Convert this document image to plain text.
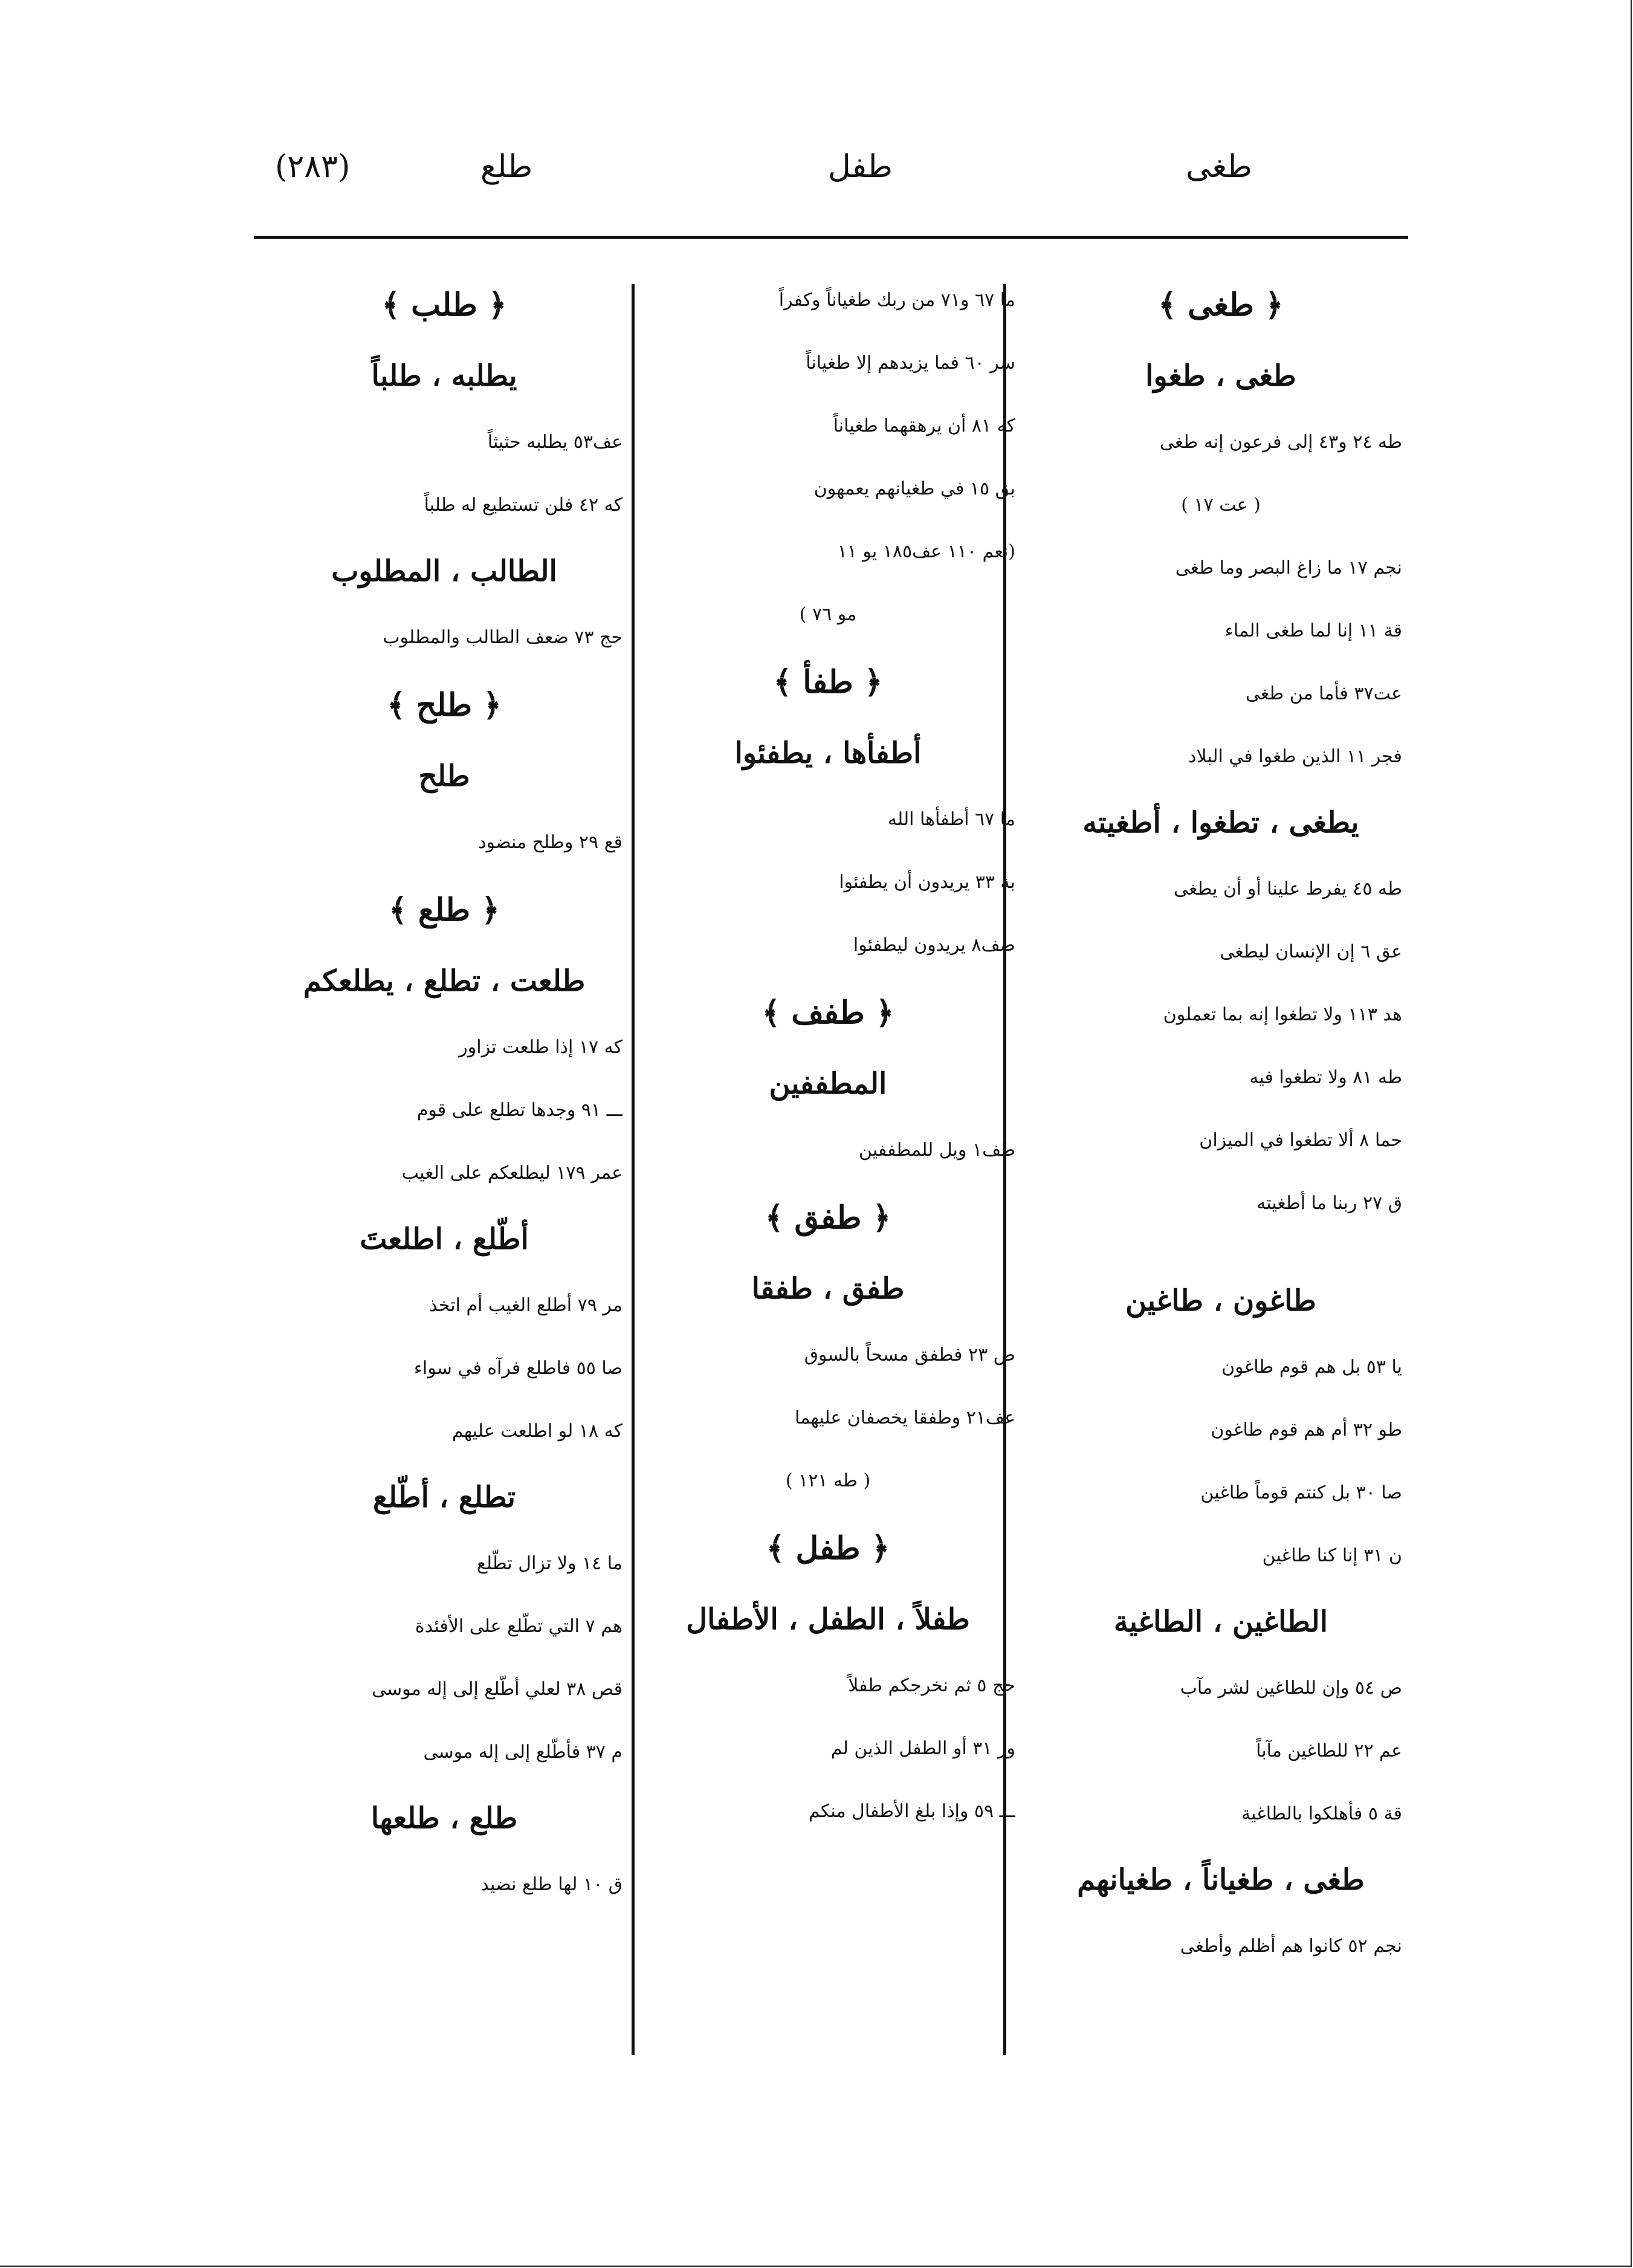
طغى
طفل
طلع
(٢٨٣)
﴿ طغى ﴾
طغى ، طغوا
طه ٢٤ و٤٣ إلى فرعون إنه طغى
( عت ١٧ )
نجم ١٧ ما زاغ البصر وما طغى
قة ١١ إنا لما طغى الماء
عت٣٧ فأما من طغى
فجر ١١ الذين طغوا في البلاد
يطغى ، تطغوا ، أطغيته
طه ٤٥ يفرط علينا أو أن يطغى
عق ٦ إن الإنسان ليطغى
هد ١١٣ ولا تطغوا إنه بما تعملون
طه ٨١ ولا تطغوا فيه
حما ٨ ألا تطغوا في الميزان
ق ٢٧ ربنا ما أطغيته
طاغون ، طاغين
يا ٥٣ بل هم قوم طاغون
طو ٣٢ أم هم قوم طاغون
صا ٣٠ بل كنتم قوماً طاغين
ن ٣١ إنا كنا طاغين
الطاغين ، الطاغية
ص ٥٤ وإن للطاغين لشر مآب
عم ٢٢ للطاغين مآباً
قة ٥ فأهلكوا بالطاغية
طغى ، طغياناً ، طغيانهم
نجم ٥٢ كانوا هم أظلم وأطغى
ما ٦٧ و٧١ من ربك طغياناً وكفراً
سر ٦٠ فما يزيدهم إلا طغياناً
كه ٨١ أن يرهقهما طغياناً
بق ١٥ في طغيانهم يعمهون
(نعم ١١٠ عف١٨٥ يو ١١
مو ٧٦ )
﴿ طفأ ﴾
أطفأها ، يطفئوا
ما ٦٧ أطفأها الله
بة ٣٣ يريدون أن يطفئوا
صف٨ يريدون ليطفئوا
﴿ طفف ﴾
المطففين
طف١ ويل للمطففين
﴿ طفق ﴾
طفق ، طفقا
ص ٢٣ فطفق مسحاً بالسوق
عف٢١ وطفقا يخصفان عليهما
( طه ١٢١ )
﴿ طفل ﴾
طفلاً ، الطفل ، الأطفال
حج ٥ ثم نخرجكم طفلاً
ور ٣١ أو الطفل الذين لم
ـــ ٥٩ وإذا بلغ الأطفال منكم
﴿ طلب ﴾
يطلبه ، طلباً
عف٥٣ يطلبه حثيثاً
كه ٤٢ فلن تستطيع له طلباً
الطالب ، المطلوب
حج ٧٣ ضعف الطالب والمطلوب
﴿ طلح ﴾
طلح
قع ٢٩ وطلح منضود
﴿ طلع ﴾
طلعت ، تطلع ، يطلعكم
كه ١٧ إذا طلعت تزاور
ـــ ٩١ وجدها تطلع على قوم
عمر ١٧٩ ليطلعكم على الغيب
أطّلع ، اطلعتَ
مر ٧٩ أطلع الغيب أم اتخذ
صا ٥٥ فاطلع فرآه في سواء
كه ١٨ لو اطلعت عليهم
تطلع ، أطّلع
ما ١٤ ولا تزال تطّلع
هم ٧ التي تطّلع على الأفئدة
قص ٣٨ لعلي أطّلع إلى إله موسى
م ٣٧ فأطّلع إلى إله موسى
طلع ، طلعها
ق ١٠ لها طلع نضيد
